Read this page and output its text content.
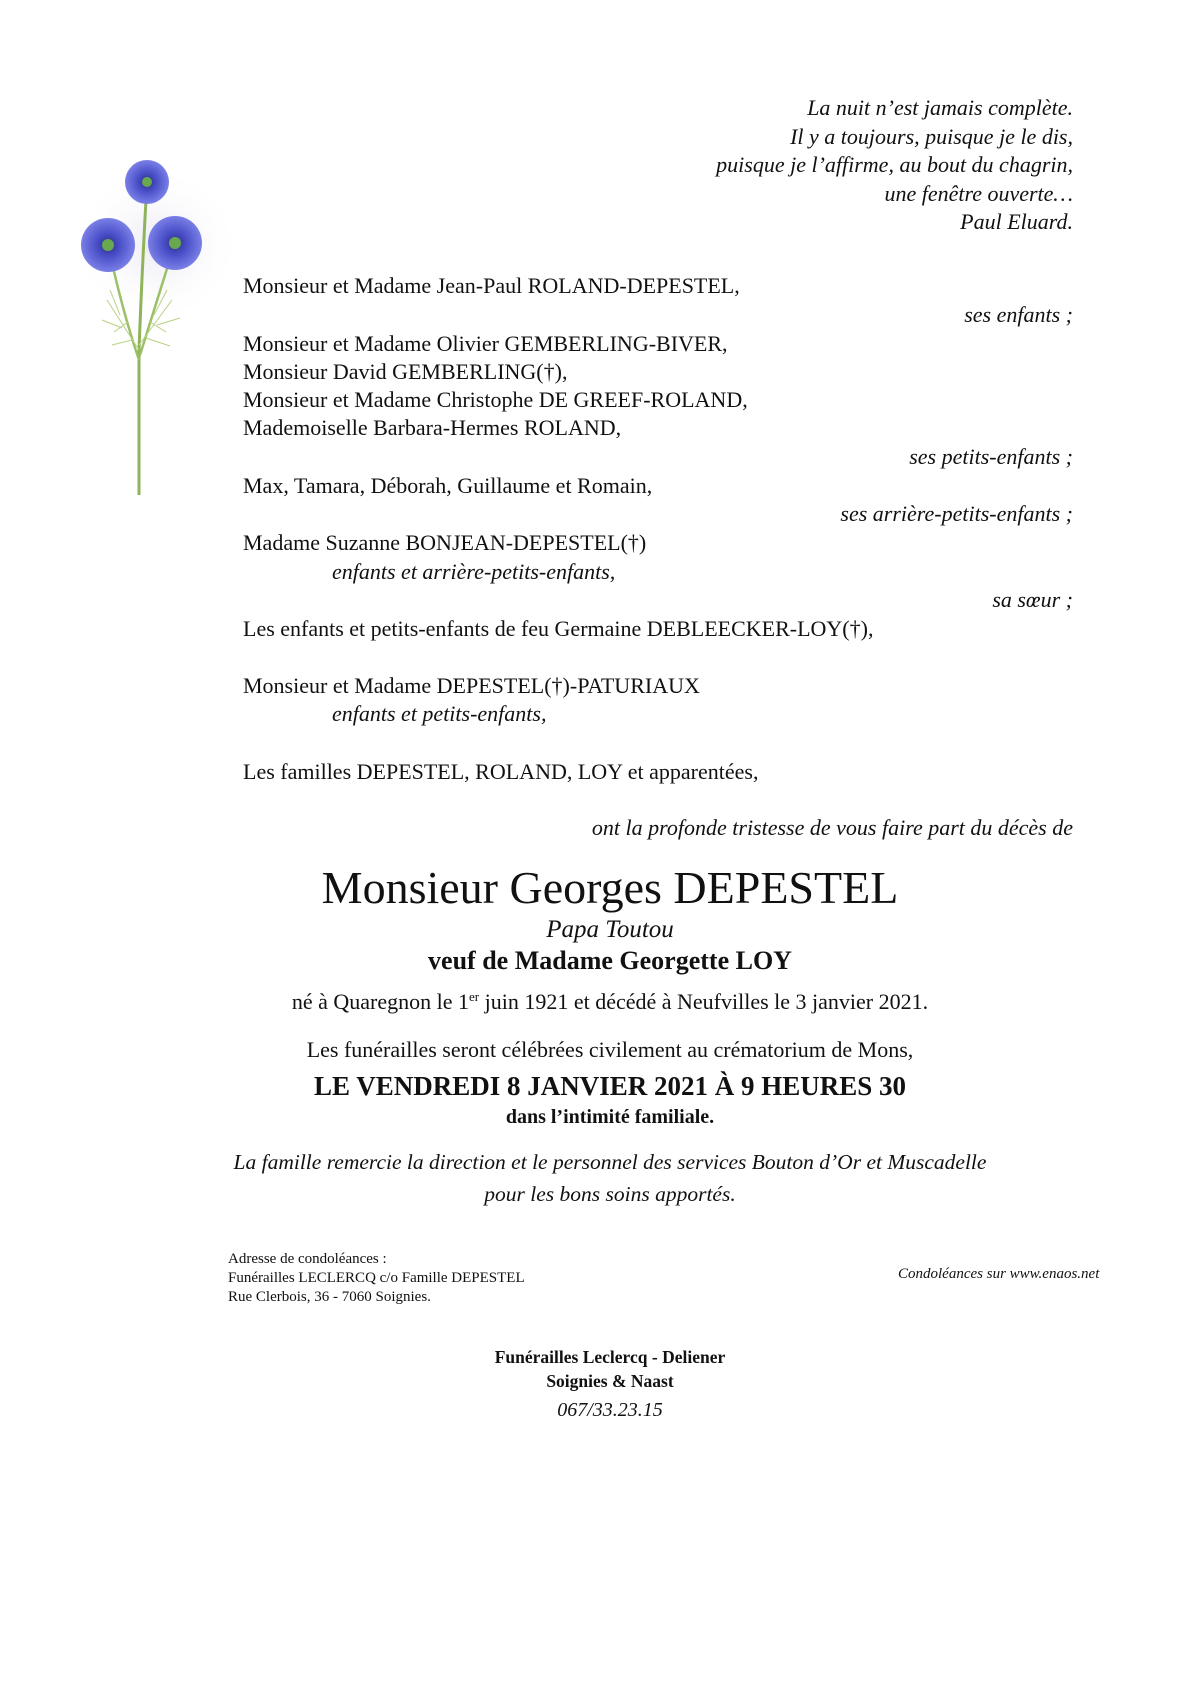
La nuit n’est jamais complète.
Il y a toujours, puisque je le dis,
puisque je l’affirme, au bout du chagrin,
une fenêtre ouverte…
Paul Eluard.
Monsieur et Madame Jean-Paul ROLAND-DEPESTEL,
ses enfants ;
Monsieur et Madame Olivier GEMBERLING-BIVER,
Monsieur David GEMBERLING(†),
Monsieur et Madame Christophe DE GREEF-ROLAND,
Mademoiselle Barbara-Hermes ROLAND,
ses petits-enfants ;
Max, Tamara, Déborah, Guillaume et Romain,
ses arrière-petits-enfants ;
Madame Suzanne BONJEAN-DEPESTEL(†)
enfants et arrière-petits-enfants,
sa sœur ;
Les enfants et petits-enfants de feu Germaine DEBLEECKER-LOY(†),
Monsieur et Madame DEPESTEL(†)-PATURIAUX
enfants et petits-enfants,
Les familles DEPESTEL, ROLAND, LOY et apparentées,
ont la profonde tristesse de vous faire part du décès de
Monsieur Georges DEPESTEL
Papa Toutou
veuf de Madame Georgette LOY
né à Quaregnon le 1er juin 1921 et décédé à Neufvilles le 3 janvier 2021.
Les funérailles seront célébrées civilement au crématorium de Mons,
LE VENDREDI 8 JANVIER 2021 À 9 HEURES 30
dans l’intimité familiale.
La famille remercie la direction et le personnel des services Bouton d’Or et Muscadelle
pour les bons soins apportés.
Adresse de condoléances :
Funérailles LECLERCQ c/o Famille DEPESTEL
Rue Clerbois, 36 - 7060 Soignies.
Condoléances sur www.enaos.net
Funérailles Leclercq - Deliener
Soignies & Naast
067/33.23.15
